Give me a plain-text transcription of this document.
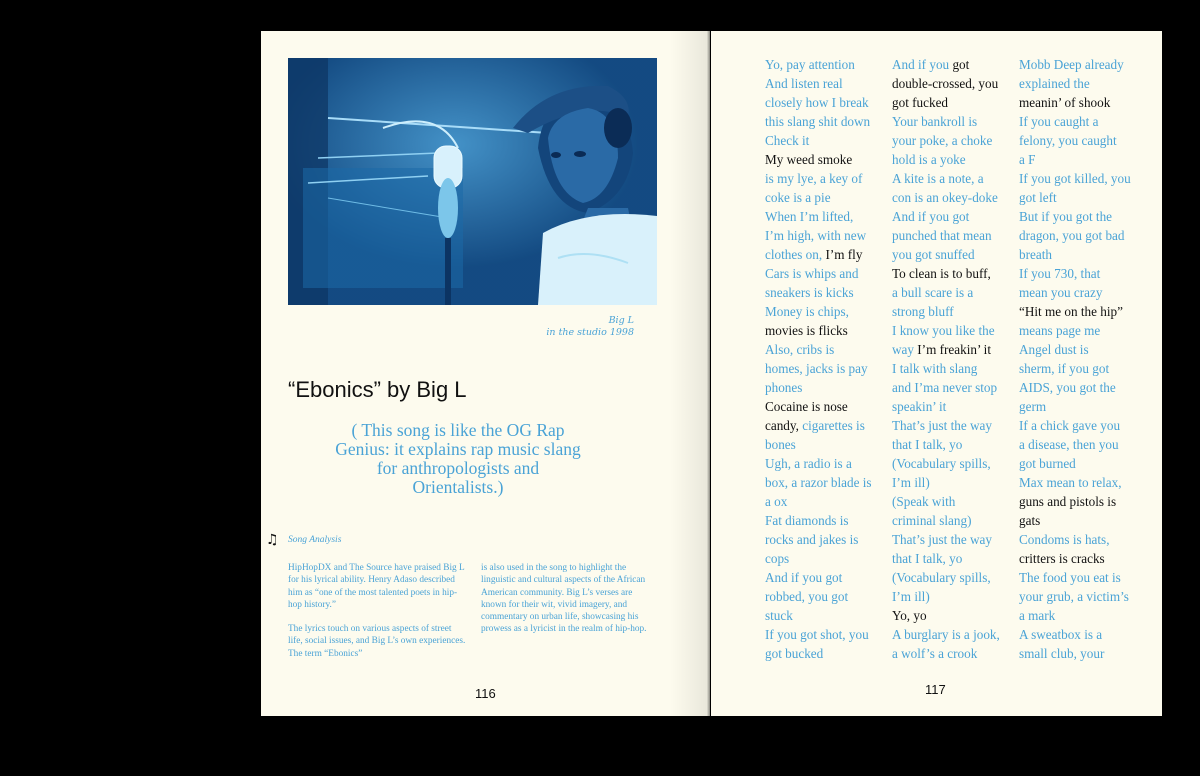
Big L
in the studio 1998
“Ebonics” by Big L

( This song is like the OG Rap Genius: it explains rap music slang for anthropologists and Orientalists.)

♫ Song Analysis

HipHopDX and The Source have praised Big L for his lyrical ability. Henry Adaso described him as “one of the most talented poets in hip-hop history.”

The lyrics touch on various aspects of street life, social issues, and Big L’s own experiences. The term “Ebonics”

is also used in the song to highlight the linguistic and cultural aspects of the African American community. Big L’s verses are known for their wit, vivid imagery, and commentary on urban life, showcasing his prowess as a lyricist in the realm of hip-hop.

116
Yo, pay attention
And listen real
closely how I break
this slang shit down
Check it
My weed smoke
is my lye, a key of
coke is a pie
When I’m lifted,
I’m high, with new
clothes on, I’m fly
Cars is whips and
sneakers is kicks
Money is chips,
movies is flicks
Also, cribs is
homes, jacks is pay
phones
Cocaine is nose
candy, cigarettes is
bones
Ugh, a radio is a
box, a razor blade is
a ox
Fat diamonds is
rocks and jakes is
cops
And if you got
robbed, you got
stuck
If you got shot, you
got bucked
And if you got
double-crossed, you
got fucked
Your bankroll is
your poke, a choke
hold is a yoke
A kite is a note, a
con is an okey-doke
And if you got
punched that mean
you got snuffed
To clean is to buff,
a bull scare is a
strong bluff
I know you like the
way I’m freakin’ it
I talk with slang
and I’ma never stop
speakin’ it
That’s just the way
that I talk, yo
(Vocabulary spills,
I’m ill)
(Speak with
criminal slang)
That’s just the way
that I talk, yo
(Vocabulary spills,
I’m ill)
Yo, yo
A burglary is a jook,
a wolf’s a crook
Mobb Deep already
explained the
meanin’ of shook
If you caught a
felony, you caught
a F
If you got killed, you
got left
But if you got the
dragon, you got bad
breath
If you 730, that
mean you crazy
“Hit me on the hip”
means page me
Angel dust is
sherm, if you got
AIDS, you got the
germ
If a chick gave you
a disease, then you
got burned
Max mean to relax,
guns and pistols is
gats
Condoms is hats,
critters is cracks
The food you eat is
your grub, a victim’s
a mark
A sweatbox is a
small club, your
117
